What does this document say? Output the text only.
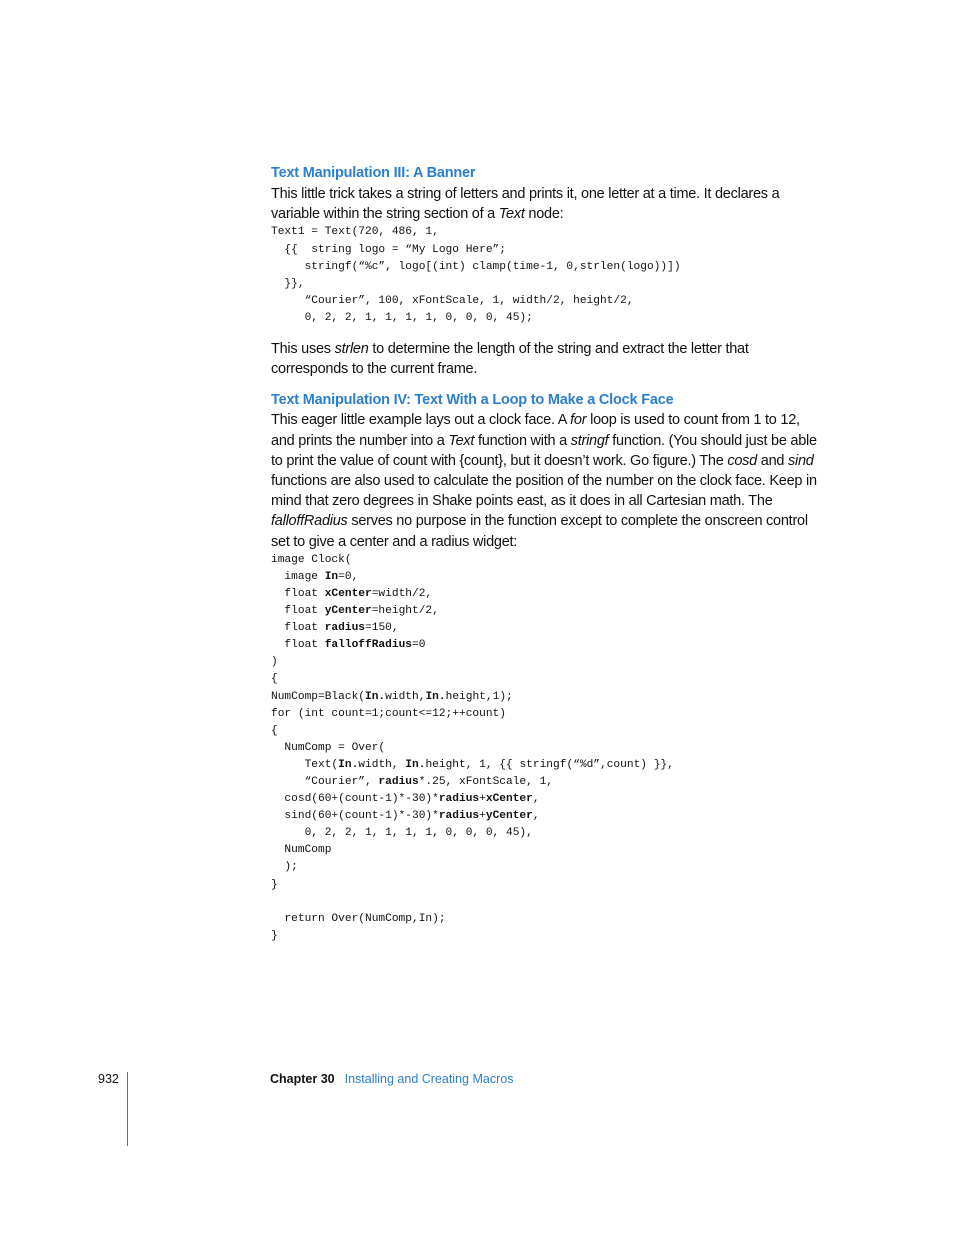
Text Manipulation III: A Banner

This little trick takes a string of letters and prints it, one letter at a time. It declares a variable within the string section of a Text node:

Text1 = Text(720, 486, 1,
{{  string logo = “My Logo Here”;
stringf(“%c”, logo[(int) clamp(time-1, 0,strlen(logo))])
}},
“Courier”, 100, xFontScale, 1, width/2, height/2,
0, 2, 2, 1, 1, 1, 1, 0, 0, 0, 45);

This uses strlen to determine the length of the string and extract the letter that corresponds to the current frame.

Text Manipulation IV: Text With a Loop to Make a Clock Face

This eager little example lays out a clock face. A for loop is used to count from 1 to 12, and prints the number into a Text function with a stringf function. (You should just be able to print the value of count with {count}, but it doesn’t work. Go figure.) The cosd and sind functions are also used to calculate the position of the number on the clock face. Keep in mind that zero degrees in Shake points east, as it does in all Cartesian math. The falloffRadius serves no purpose in the function except to complete the onscreen control set to give a center and a radius widget:

image Clock(
image In=0,
float xCenter=width/2,
float yCenter=height/2,
float radius=150,
float falloffRadius=0
)
{
NumComp=Black(In.width,In.height,1);
for (int count=1;count<=12;++count)
{
NumComp = Over(
Text(In.width, In.height, 1, {{ stringf(“%d”,count) }},
“Courier”, radius*.25, xFontScale, 1,
cosd(60+(count-1)*-30)*radius+xCenter,
sind(60+(count-1)*-30)*radius+yCenter,
0, 2, 2, 1, 1, 1, 1, 0, 0, 0, 45),
NumComp
);
}

return Over(NumComp,In);
}
932	Chapter 30 Installing and Creating Macros
